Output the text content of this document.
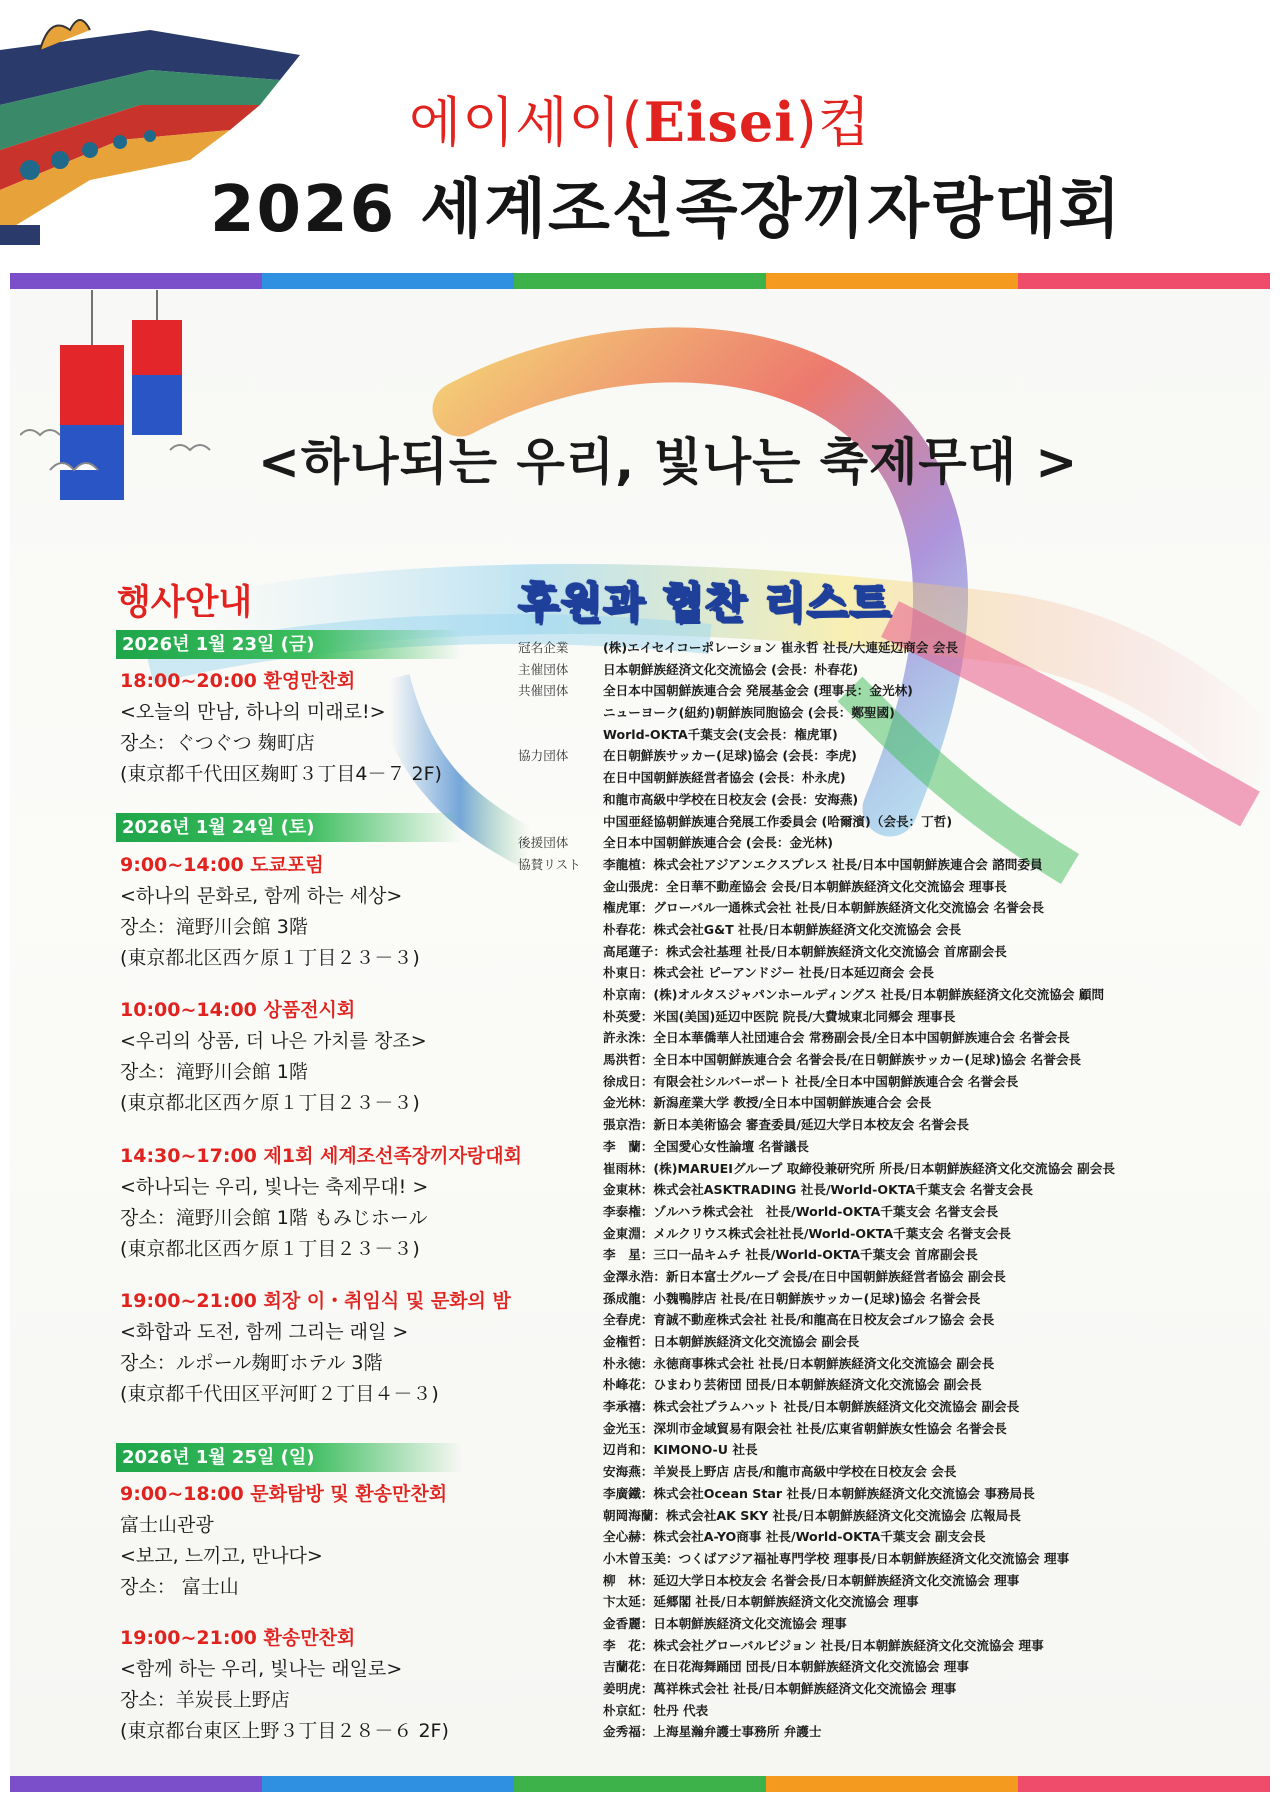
에이세이(Eisei)컵
2026 세계조선족장끼자랑대회
<하나되는 우리, 빛나는 축제무대 >
행사안내
2026년 1월 23일 (금)
2026년 1월 24일 (토)
2026년 1월 25일 (일)
18:00~20:00 환영만찬회
<오늘의 만남, 하나의 미래로!>
장소：ぐつぐつ 麹町店
(東京都千代田区麹町３丁目4－７ 2F)
9:00~14:00 도쿄포럼
<하나의 문화로, 함께 하는 세상>
장소：滝野川会館 3階
(東京都北区西ケ原１丁目２３－３)
10:00~14:00 상품전시회
<우리의 상품, 더 나은 가치를 창조>
장소：滝野川会館 1階
(東京都北区西ケ原１丁目２３－３)
14:30~17:00 제1회 세계조선족장끼자랑대회
<하나되는 우리, 빛나는 축제무대! >
장소：滝野川会館 1階 もみじホール
(東京都北区西ケ原１丁目２３－３)
19:00~21:00 회장 이・취임식 및 문화의 밤
<화합과 도전, 함께 그리는 래일 >
장소：ルポール麹町ホテル 3階
(東京都千代田区平河町２丁目４－３)
9:00~18:00 문화탐방 및 환송만찬회
富士山관광
<보고, 느끼고, 만나다>
장소： 富士山
19:00~21:00 환송만찬회
<함께 하는 우리, 빛나는 래일로>
장소：羊炭長上野店
(東京都台東区上野３丁目２８－６ 2F)
후원과 협찬 리스트
冠名企業	(株)エイセイコーポレーション 崔永哲 社長/大連延辺商会 会長
主催団体	日本朝鮮族経済文化交流協会 (会長：朴春花)
共催団体	全日本中国朝鮮族連合会 発展基金会 (理事長：金光林)
ニューヨーク(紐約)朝鮮族同胞協会 (会長：鄭聖國)
World-OKTA千葉支会(支会長：権虎軍)
協力団体	在日朝鮮族サッカー(足球)協会 (会長：李虎)
在日中国朝鮮族経営者協会 (会長：朴永虎)
和龍市高級中学校在日校友会 (会長：安海燕)
中国亜経協朝鮮族連合発展工作委員会 (哈爾濱)（会長：丁哲)
後援団体	全日本中国朝鮮族連合会 (会長：金光林)
協賛リスト	李龍植：株式会社アジアンエクスプレス 社長/日本中国朝鮮族連合会 諮問委員
金山張虎：全日華不動産協会 会長/日本朝鮮族経済文化交流協会 理事長
権虎軍：グローバル一通株式会社 社長/日本朝鮮族経済文化交流協会 名誉会長
朴春花：株式会社G&T 社長/日本朝鮮族経済文化交流協会 会長
高尾蓮子：株式会社基理 社長/日本朝鮮族経済文化交流協会 首席副会長
朴東日：株式会社 ピーアンドジー 社長/日本延辺商会 会長
朴京南：(株)オルタスジャパンホールディングス 社長/日本朝鮮族経済文化交流協会 顧問
朴英愛：米国(美国)延辺中医院 院長/大費城東北同郷会 理事長
許永洙：全日本華僑華人社団連合会 常務副会長/全日本中国朝鮮族連合会 名誉会長
馬洪哲：全日本中国朝鮮族連合会 名誉会長/在日朝鮮族サッカー(足球)協会 名誉会長
徐成日：有限会社シルバーポート 社長/全日本中国朝鮮族連合会 名誉会長
金光林：新潟産業大学 教授/全日本中国朝鮮族連合会 会長
張京浩：新日本美術協会 審査委員/延辺大学日本校友会 名誉会長
李　蘭：全国愛心女性論壇 名誉議長
崔雨林：(株)MARUEIグループ 取締役兼研究所 所長/日本朝鮮族経済文化交流協会 副会長
金東林：株式会社ASKTRADING 社長/World-OKTA千葉支会 名誉支会長
李泰権：ゾルハラ株式会社　社長/World-OKTA千葉支会 名誉支会長
金東淵：メルクリウス株式会社社長/World-OKTA千葉支会 名誉支会長
李　星：三口一品キムチ 社長/World-OKTA千葉支会 首席副会長
金澤永浩：新日本富士グループ 会長/在日中国朝鮮族経営者協会 副会長
孫成龍：小魏鴨脖店 社長/在日朝鮮族サッカー(足球)協会 名誉会長
全春虎：育誠不動産株式会社 社長/和龍高在日校友会ゴルフ協会 会長
金権哲：日本朝鮮族経済文化交流協会 副会長
朴永徳：永徳商事株式会社 社長/日本朝鮮族経済文化交流協会 副会長
朴峰花：ひまわり芸術団 団長/日本朝鮮族経済文化交流協会 副会長
李承禧：株式会社プラムハット 社長/日本朝鮮族経済文化交流協会 副会長
金光玉：深圳市金域貿易有限会社 社長/広東省朝鮮族女性協会 名誉会長
辺肖和：KIMONO-U 社長
安海燕：羊炭長上野店 店長/和龍市高級中学校在日校友会 会長
李廣鐵：株式会社Ocean Star 社長/日本朝鮮族経済文化交流協会 事務局長
朝岡海蘭：株式会社AK SKY 社長/日本朝鮮族経済文化交流協会 広報局長
全心赫：株式会社A-YO商事 社長/World-OKTA千葉支会 副支会長
小木曽玉美：つくばアジア福祉専門学校 理事長/日本朝鮮族経済文化交流協会 理事
柳　林：延辺大学日本校友会 名誉会長/日本朝鮮族経済文化交流協会 理事
卞太延：延郷閣 社長/日本朝鮮族経済文化交流協会 理事
金香麗：日本朝鮮族経済文化交流協会 理事
李　花：株式会社グローバルビジョン 社長/日本朝鮮族経済文化交流協会 理事
吉蘭花：在日花海舞踊団 団長/日本朝鮮族経済文化交流協会 理事
姜明虎：萬祥株式会社 社長/日本朝鮮族経済文化交流協会 理事
朴京紅：牡丹 代表
金秀福：上海星瀚弁護士事務所 弁護士
